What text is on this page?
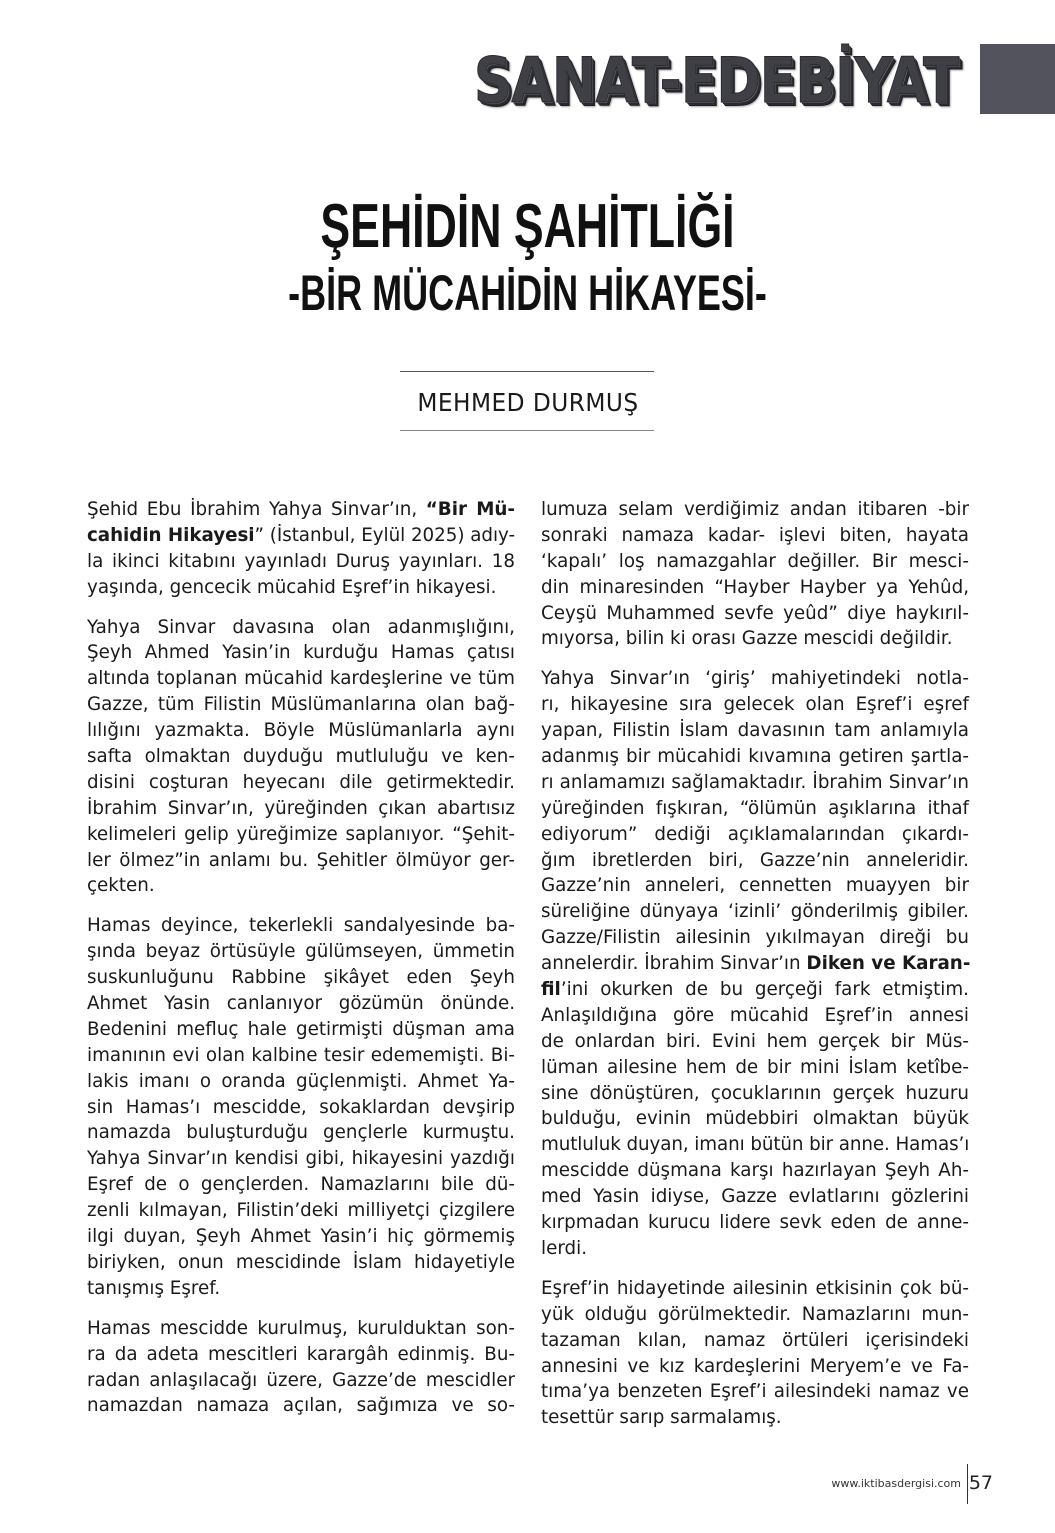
SANAT-EDEBİYAT
ŞEHİDİN ŞAHİTLİĞİ
-BİR MÜCAHİDİN HİKAYESİ-
MEHMED DURMUŞ
Şehid Ebu İbrahim Yahya Sinvar’ın, “Bir Mü-
cahidin Hikayesi” (İstanbul, Eylül 2025) adıy-
la ikinci kitabını yayınladı Duruş yayınları. 18
yaşında, gencecik mücahid Eşref’in hikayesi.
Yahya Sinvar davasına olan adanmışlığını,
Şeyh Ahmed Yasin’in kurduğu Hamas çatısı
altında toplanan mücahid kardeşlerine ve tüm
Gazze, tüm Filistin Müslümanlarına olan bağ-
lılığını yazmakta. Böyle Müslümanlarla aynı
safta olmaktan duyduğu mutluluğu ve ken-
disini coşturan heyecanı dile getirmektedir.
İbrahim Sinvar’ın, yüreğinden çıkan abartısız
kelimeleri gelip yüreğimize saplanıyor. “Şehit-
ler ölmez”in anlamı bu. Şehitler ölmüyor ger-
çekten.
Hamas deyince, tekerlekli sandalyesinde ba-
şında beyaz örtüsüyle gülümseyen, ümmetin
suskunluğunu Rabbine şikâyet eden Şeyh
Ahmet Yasin canlanıyor gözümün önünde.
Bedenini mefluç hale getirmişti düşman ama
imanının evi olan kalbine tesir edememişti. Bi-
lakis imanı o oranda güçlenmişti. Ahmet Ya-
sin Hamas’ı mescidde, sokaklardan devşirip
namazda buluşturduğu gençlerle kurmuştu.
Yahya Sinvar’ın kendisi gibi, hikayesini yazdığı
Eşref de o gençlerden. Namazlarını bile dü-
zenli kılmayan, Filistin’deki milliyetçi çizgilere
ilgi duyan, Şeyh Ahmet Yasin’i hiç görmemiş
biriyken, onun mescidinde İslam hidayetiyle
tanışmış Eşref.
Hamas mescidde kurulmuş, kurulduktan son-
ra da adeta mescitleri karargâh edinmiş. Bu-
radan anlaşılacağı üzere, Gazze’de mescidler
namazdan namaza açılan, sağımıza ve so-
lumuza selam verdiğimiz andan itibaren -bir
sonraki namaza kadar- işlevi biten, hayata
‘kapalı’ loş namazgahlar değiller. Bir mesci-
din minaresinden “Hayber Hayber ya Yehûd,
Ceyşü Muhammed sevfe yeûd” diye haykırıl-
mıyorsa, bilin ki orası Gazze mescidi değildir.
Yahya Sinvar’ın ‘giriş’ mahiyetindeki notla-
rı, hikayesine sıra gelecek olan Eşref’i eşref
yapan, Filistin İslam davasının tam anlamıyla
adanmış bir mücahidi kıvamına getiren şartla-
rı anlamamızı sağlamaktadır. İbrahim Sinvar’ın
yüreğinden fışkıran, “ölümün aşıklarına ithaf
ediyorum” dediği açıklamalarından çıkardı-
ğım ibretlerden biri, Gazze’nin anneleridir.
Gazze’nin anneleri, cennetten muayyen bir
süreliğine dünyaya ‘izinli’ gönderilmiş gibiler.
Gazze/Filistin ailesinin yıkılmayan direği bu
annelerdir. İbrahim Sinvar’ın Diken ve Karan-
fil’ini okurken de bu gerçeği fark etmiştim.
Anlaşıldığına göre mücahid Eşref’in annesi
de onlardan biri. Evini hem gerçek bir Müs-
lüman ailesine hem de bir mini İslam ketîbe-
sine dönüştüren, çocuklarının gerçek huzuru
bulduğu, evinin müdebbiri olmaktan büyük
mutluluk duyan, imanı bütün bir anne. Hamas’ı
mescidde düşmana karşı hazırlayan Şeyh Ah-
med Yasin idiyse, Gazze evlatlarını gözlerini
kırpmadan kurucu lidere sevk eden de anne-
lerdi.
Eşref’in hidayetinde ailesinin etkisinin çok bü-
yük olduğu görülmektedir. Namazlarını mun-
tazaman kılan, namaz örtüleri içerisindeki
annesini ve kız kardeşlerini Meryem’e ve Fa-
tıma’ya benzeten Eşref’i ailesindeki namaz ve
tesettür sarıp sarmalamış.
www.iktibasdergisi.com 57
